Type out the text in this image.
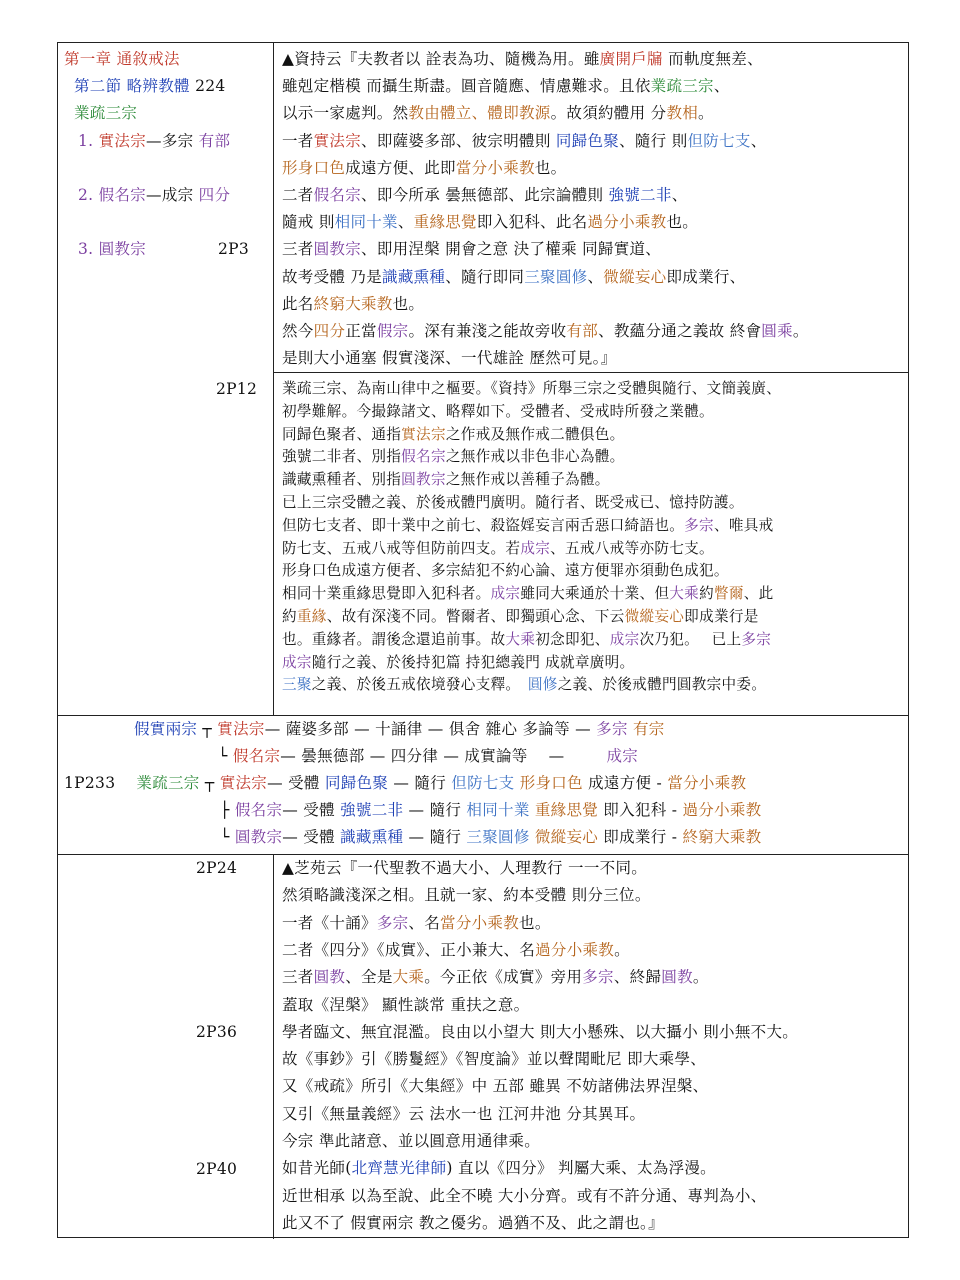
第一章 通敘戒法
第二節 略辨教體 224
業疏三宗
1. 實法宗—多宗 有部
2. 假名宗—成宗 四分
3. 圓教宗	2P3
2P12
2P24
2P36
2P40
▲資持云『夫教者以 詮表為功、隨機為用。雖廣開戶牖 而軌度無差、
雖剋定楷模 而攝生斯盡。圓音隨應、情慮難求。且依業疏三宗、
以示一家處判。然教由體立、體即教源。故須約體用 分教相。
一者實法宗、即薩婆多部、彼宗明體則 同歸色聚、隨行 則但防七支、
形身口色成遠方便、此即當分小乘教也。
二者假名宗、即今所承 曇無德部、此宗論體則 強號二非、
隨戒 則相同十業、重緣思覺即入犯科、此名過分小乘教也。
三者圓教宗、即用涅槃 開會之意 決了權乘 同歸實道、
故考受體 乃是識藏熏種、隨行即同三聚圓修、微縱妄心即成業行、
此名終窮大乘教也。
然今四分正當假宗。深有兼淺之能故旁收有部、教蘊分通之義故 終會圓乘。
是則大小通塞 假實淺深、一代雄詮 歷然可見。』
業疏三宗、為南山律中之樞要。《資持》所舉三宗之受體與隨行、文簡義廣、
初學難解。今撮錄諸文、略釋如下。受體者、受戒時所發之業體。
同歸色聚者、通指實法宗之作戒及無作戒二體俱色。
強號二非者、別指假名宗之無作戒以非色非心為體。
識藏熏種者、別指圓教宗之無作戒以善種子為體。
已上三宗受體之義、於後戒體門廣明。隨行者、既受戒已、憶持防護。
但防七支者、即十業中之前七、殺盜婬妄言兩舌惡口綺語也。多宗、唯具戒
防七支、五戒八戒等但防前四支。若成宗、五戒八戒等亦防七支。
形身口色成遠方便者、多宗結犯不約心論、遠方便罪亦須動色成犯。
相同十業重緣思覺即入犯科者。成宗雖同大乘通於十業、但大乘約瞥爾、此
約重緣、故有深淺不同。瞥爾者、即獨頭心念、下云微縱妄心即成業行是
也。重緣者。謂後念還追前事。故大乘初念即犯、成宗次乃犯。　 已上多宗
成宗隨行之義、於後持犯篇 持犯總義門 成就章廣明。
三聚之義、於後五戒依境發心支釋。　圓修之義、於後戒體門圓教宗中委。
假實兩宗 ┬ 實法宗— 薩婆多部 — 十誦律 — 俱舍 雜心 多論等 — 多宗 有宗
└ 假名宗— 曇無德部 — 四分律 — 成實論等 　— 　 　成宗
1P233　 業疏三宗 ┬ 實法宗— 受體 同歸色聚 — 隨行 但防七支 形身口色 成遠方便 - 當分小乘教
├ 假名宗— 受體 強號二非 — 隨行 相同十業 重緣思覺 即入犯科 - 過分小乘教
└ 圓教宗— 受體 識藏熏種 — 隨行 三聚圓修 微縱妄心 即成業行 - 終窮大乘教
▲芝苑云『一代聖教不過大小、人理教行 一一不同。
然須略識淺深之相。且就一家、約本受體 則分三位。
一者《十誦》多宗、名當分小乘教也。
二者《四分》《成實》、正小兼大、名過分小乘教。
三者圓教、全是大乘。今正依《成實》旁用多宗、終歸圓教。
蓋取《涅槃》 顯性談常 重扶之意。
學者臨文、無宜混濫。良由以小望大 則大小懸殊、以大攝小 則小無不大。
故《事鈔》引《勝鬘經》《智度論》並以聲聞毗尼 即大乘學、
又《戒疏》所引《大集經》中 五部 雖異 不妨諸佛法界涅槃、
又引《無量義經》云 法水一也 江河井池 分其異耳。
今宗 準此諸意、並以圓意用通律乘。
如昔光師(北齊慧光律師) 直以《四分》 判屬大乘、太為浮漫。
近世相承 以為至說、此全不曉 大小分齊。或有不許分通、專判為小、
此又不了 假實兩宗 教之優劣。過猶不及、此之謂也。』
